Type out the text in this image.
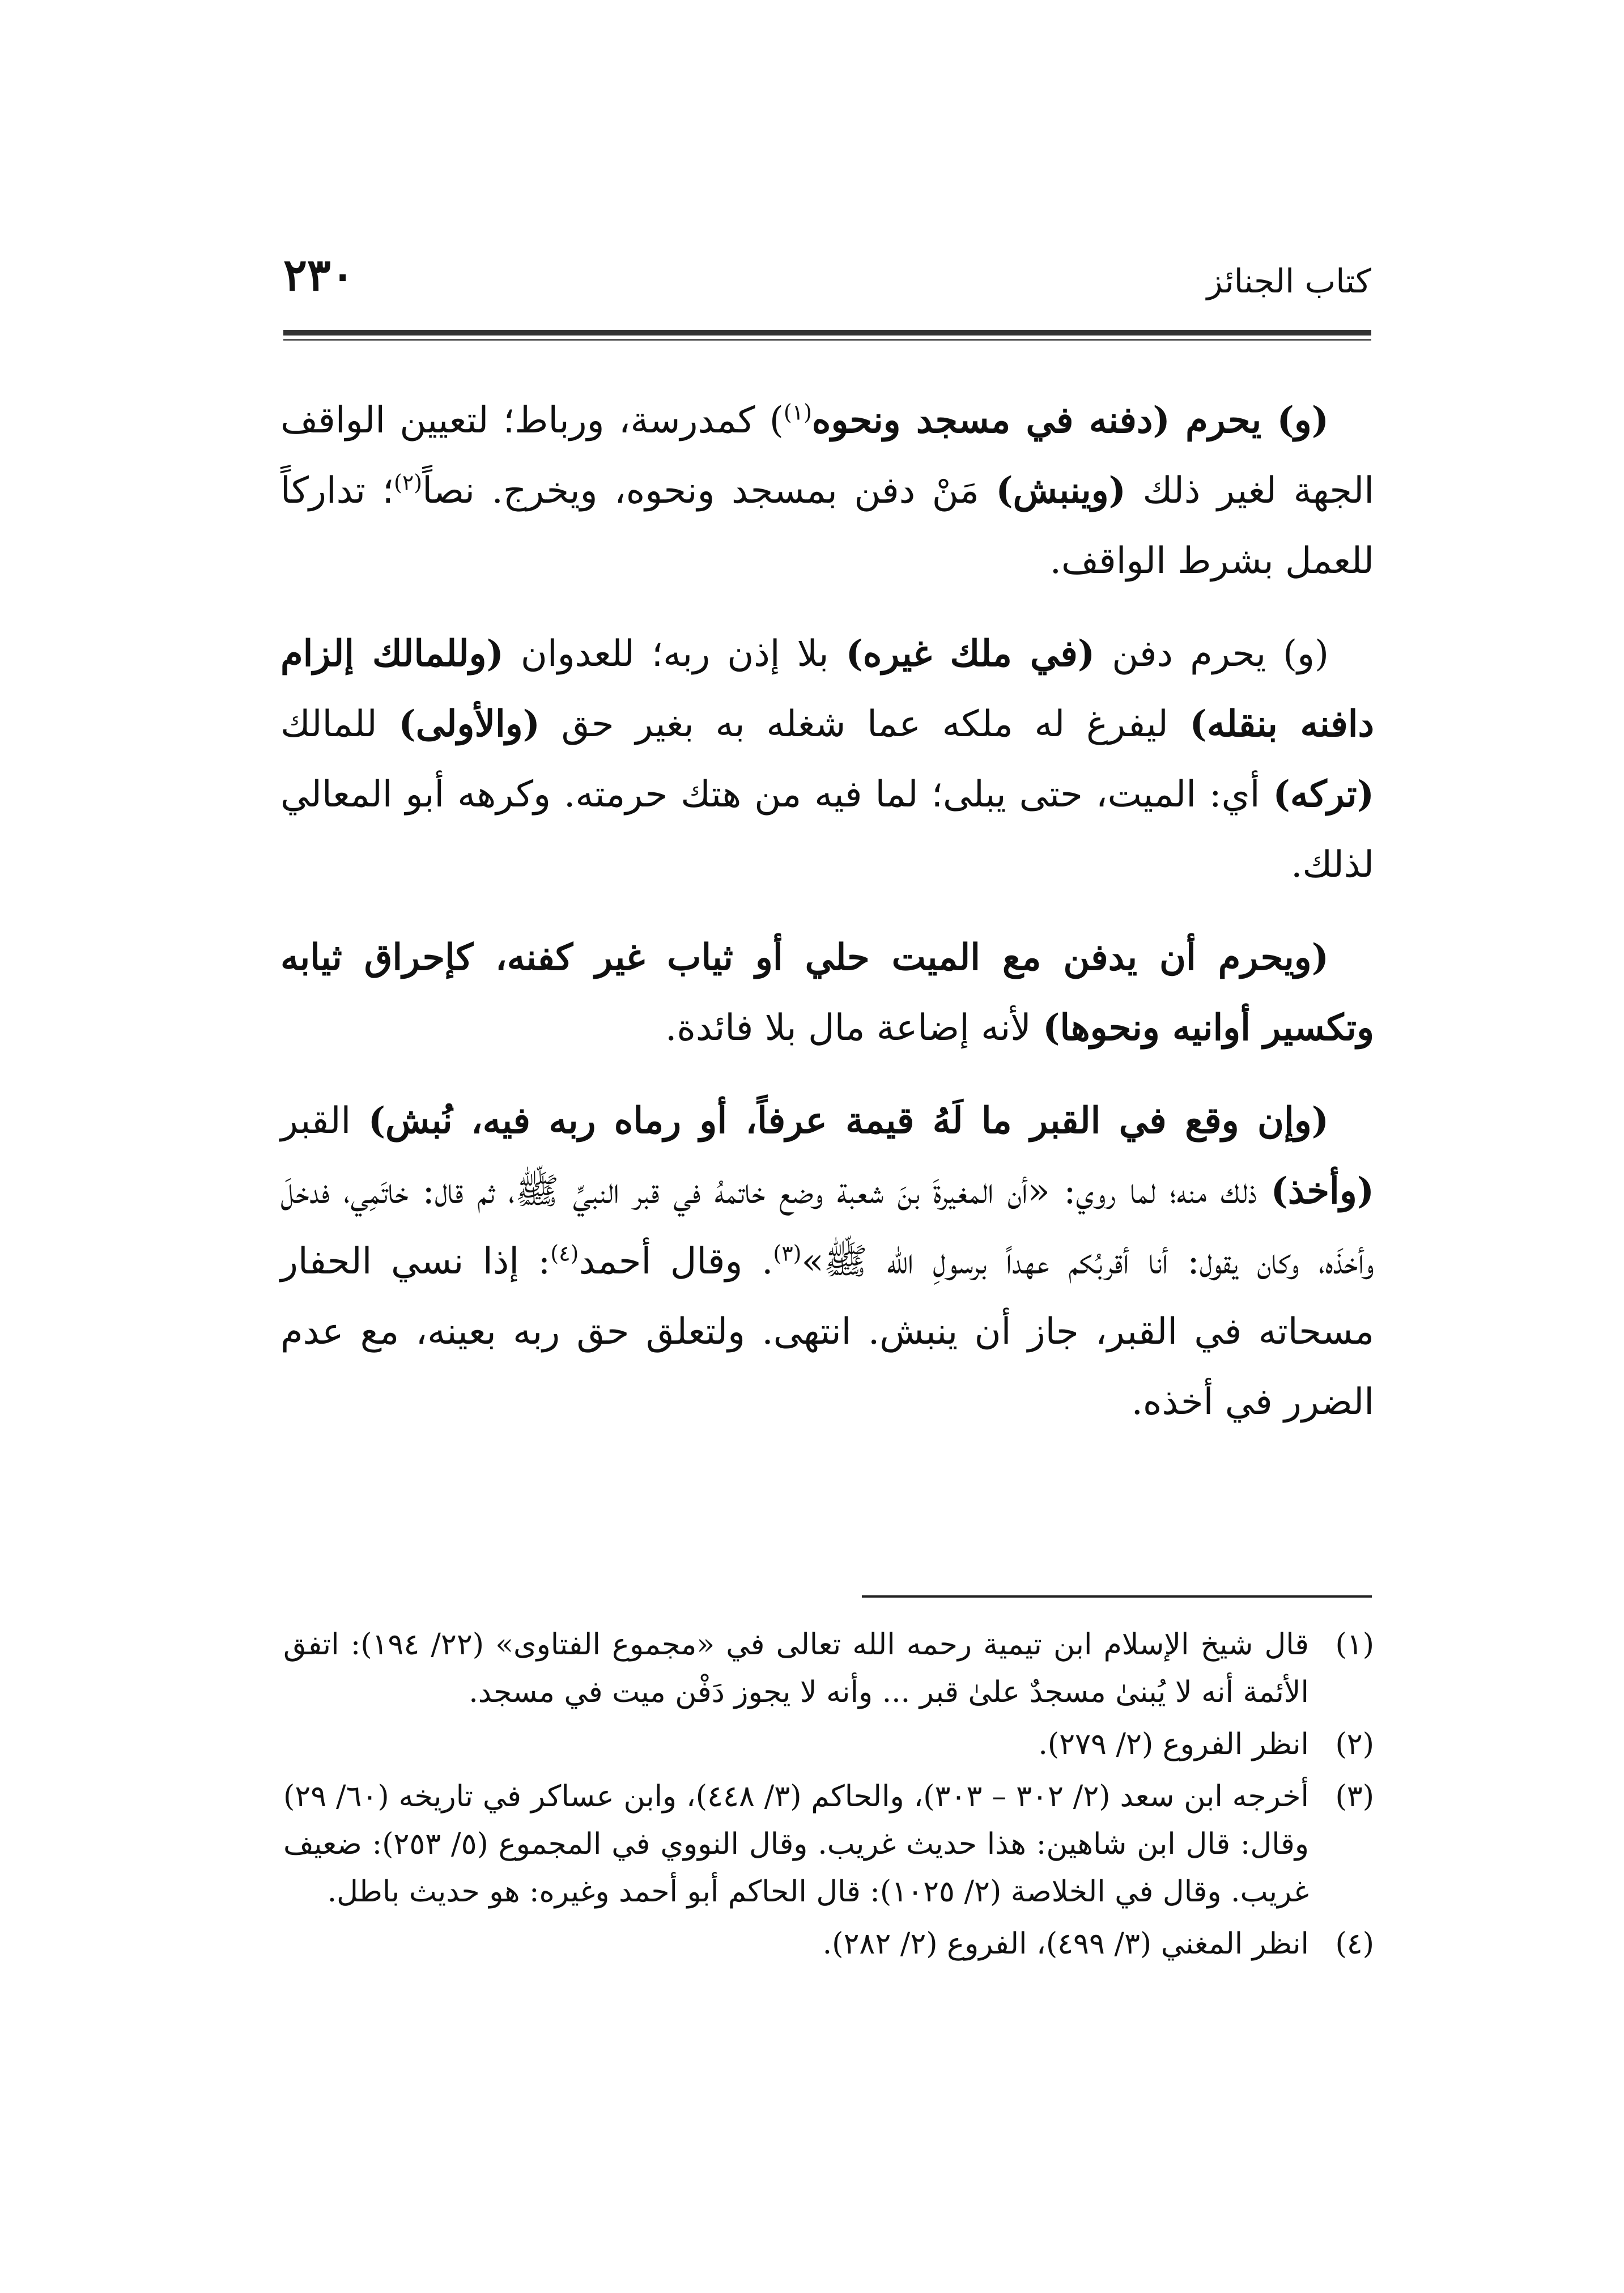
كتاب الجنائز
٢٣٠

(و) يحرم (دفنه في مسجد ونحوه$^{(١)}$) كمدرسة، ورباط؛ لتعيين الواقف الجهة لغير ذلك (وينبش) مَنْ دفن بمسجد ونحوه، ويخرج. نصاً$^{(٢)}$؛ تداركاً للعمل بشرط الواقف.

(و) يحرم دفن (في ملك غيره) بلا إذن ربه؛ للعدوان (وللمالك إلزام دافنه بنقله) ليفرغ له ملكه عما شغله به بغير حق (والأولى) للمالك (تركه) أي: الميت، حتى يبلى؛ لما فيه من هتك حرمته. وكرهه أبو المعالي لذلك.

(ويحرم أن يدفن مع الميت حلي أو ثياب غير كفنه، كإحراق ثيابه وتكسير أوانيه ونحوها) لأنه إضاعة مال بلا فائدة.

(وإن وقع في القبر ما لَهُ قيمة عرفاً، أو رماه ربه فيه، نُبش) القبر (وأخذ) ذلك منه؛ لما روي: «أن المغيرةَ بنَ شعبة وضع خاتمهُ في قبر النبيِّ ﷺ، ثم قال: خاتَمِي، فدخلَ وأخذَه، وكان يقول: أنا أقربُكم عهداً برسولِ الله ﷺ»$^{(٣)}$. وقال أحمد$^{(٤)}$: إذا نسي الحفار مسحاته في القبر، جاز أن ينبش. انتهى. ولتعلق حق ربه بعينه، مع عدم الضرر في أخذه.

(١)
قال شيخ الإسلام ابن تيمية رحمه الله تعالى في «مجموع الفتاوى» (٢٢/ ١٩٤): اتفق الأئمة أنه لا يُبنىٰ مسجدٌ علىٰ قبر ... وأنه لا يجوز دَفْن ميت في مسجد.
(٢)
انظر الفروع (٢/ ٢٧٩).
(٣)
أخرجه ابن سعد (٢/ ٣٠٢ – ٣٠٣)، والحاكم (٣/ ٤٤٨)، وابن عساكر في تاريخه (٦٠/ ٢٩) وقال: قال ابن شاهين: هذا حديث غريب. وقال النووي في المجموع (٥/ ٢٥٣): ضعيف غريب. وقال في الخلاصة (٢/ ١٠٢٥): قال الحاكم أبو أحمد وغيره: هو حديث باطل.
(٤)
انظر المغني (٣/ ٤٩٩)، الفروع (٢/ ٢٨٢).
